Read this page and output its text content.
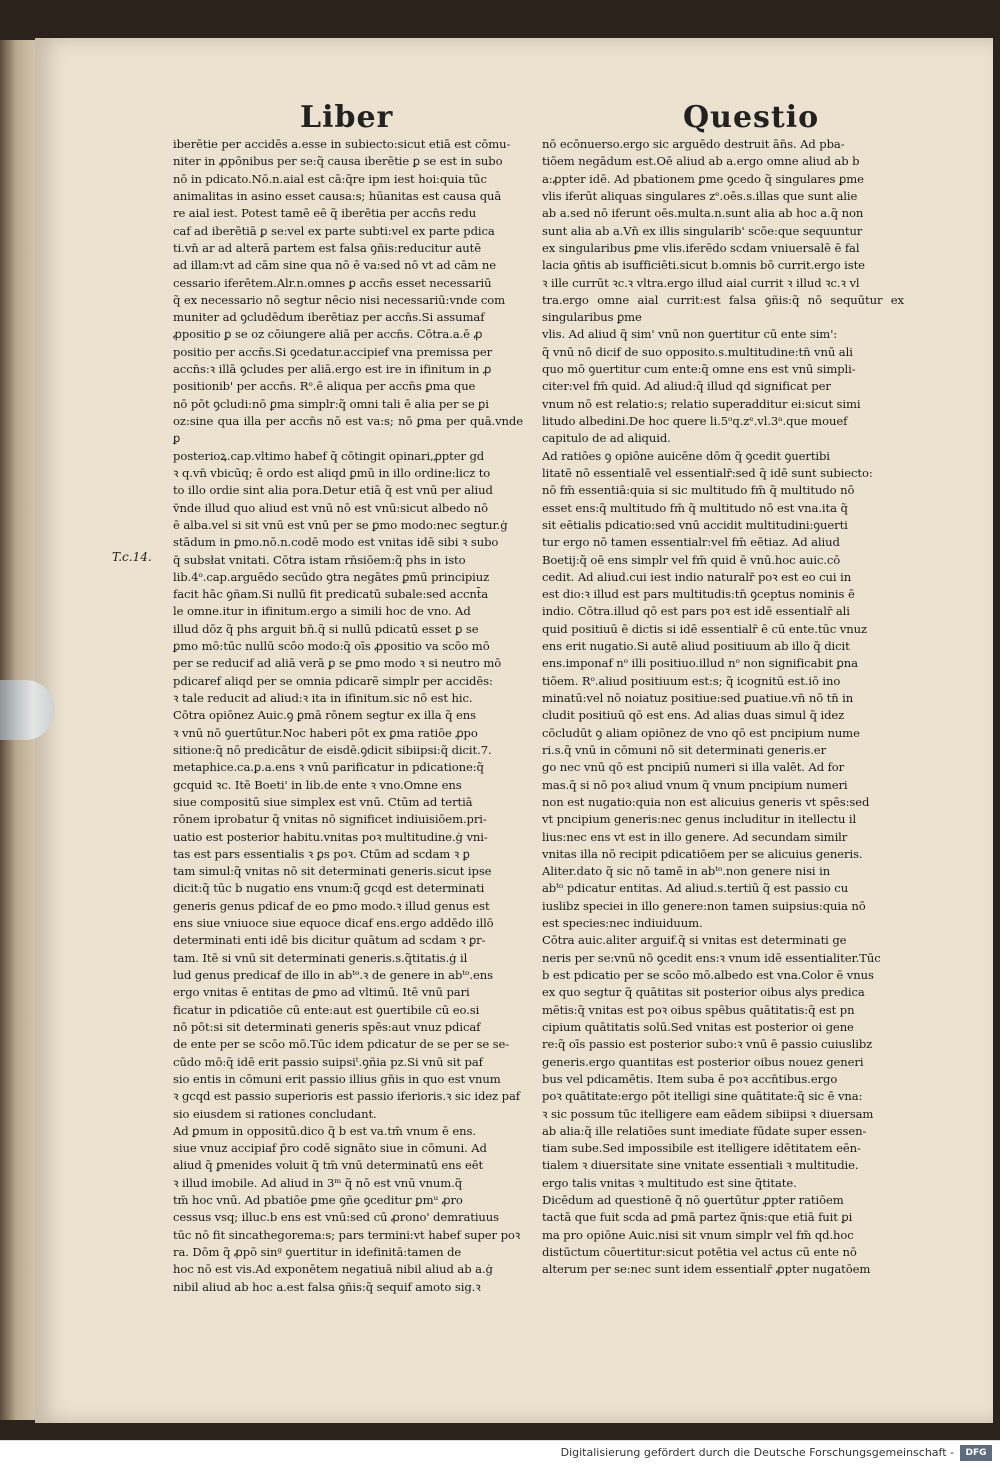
Liber	Questio
iberētie per accidēs a.esse in subiecto:sicut etiā est cōmu-
niter in ꝓpōnibus per se:q̃ causa iberētie ꝑ se est in subo
nō in pdicato.Nō.n.aial est cā:q̃re ipm iest hoi:quia tūc
animalitas in asino esset causa:s; hūanitas est causa quā
re aial iest. Potest tamē eē q̃ iberētia per accn̄s redu
caf ad iberētiā ꝑ se:vel ex parte subti:vel ex parte pdica
ti.vn̄ ar ad alterā partem est falsa ꝯñis:reducitur autē
ad illam:vt ad cām sine qua nō ē va:sed nō vt ad cām ne
cessario iferētem.Alr.n.omnes ꝑ accn̄s esset necessariū
q̃ ex necessario nō segtur nēcio nisi necessariū:vnde com
muniter ad ꝯcludēdum iberētiaz per accn̄s.Si assumaf
ꝓpositio ꝑ se oz cōiungere aliā per accn̄s. Cōtra.a.ē ꝓ
positio per accn̄s.Si ꝯcedatur.accipief vna premissa per
accn̄s:ꝛ illā ꝯcludes per aliā.ergo est ire in ifinitum in ꝓ
positionib' per accn̄s. Rᵒ.ē aliqua per accn̄s ꝑma que
nō pōt ꝯcludi:nō ꝑma simplr:q̃ omni tali ē alia per se ꝑi
oz:sine qua illa per accn̄s nō est va:s; nō ꝑma per quā.vnde ꝑ
posterioꝝ.cap.vltimo habef q̃ cōtingit opinari,ꝓpter gd
ꝛ q.vn̄ vbicūq; ē ordo est aliqd ꝑmū in illo ordine:licz to
to illo ordie sint alia pora.Detur etiā q̃ est vnū per aliud
v̄nde illud quo aliud est vnū nō est vnū:sicut albedo nō
ē alba.vel si sit vnū est vnū per se ꝑmo modo:nec segtur.ġ
stādum in ꝑmo.nō.n.codē modo est vnitas idē sibi ꝛ subo
q̄ subsłat vnitati. Cōtra istam rn̄siōem:q̃ phs in isto
lib.4ᵒ.cap.arguēdo secūdo ꝯtra negātes ꝑmū principiuz
facit hāc ꝯñam.Si nullū fit predicatū subale:sed accnt̄a
le omne.itur in ifinitum.ergo a simili hoc de vno. Ad
illud dōz q̃ phs arguit bn̄.q̃ si nullū pdicatū esset ꝑ se
ꝑmo mō:tūc nullū scōo modo:q̃ oīs ꝓpositio va scōo mō
per se reducif ad aliā verā ꝑ se ꝑmo modo ꝛ si neutro mō
pdicaref aliqd per se omnia pdicarẽ simplr per accidēs:
ꝛ tale reducit ad aliud:ꝛ ita in ifinitum.sic nō est hic.
Cōtra opiōnez Auic.ꝯ ꝑmā rōnem segtur ex illa q̃ ens
ꝛ vnū nō ꝯuertūtur.Noc haberi pōt ex ꝑma ratiōe ꝓpo
sitione:q̃ nō predicātur de eisdē.ꝯdicit sibiipsi:q̃ dicit.7.
metaphice.ca.ꝑ.a.ens ꝛ vnū parificatur in pdicatione:q̃
gcquid ꝛc. Itē Boeti' in lib.de ente ꝛ vno.Omne ens
siue compositū siue simplex est vnū. Ctūm ad tertiā
rōnem iprobatur q̃ vnitas nō significet indiuisiōem.pri-
uatio est posterior habitu.vnitas poꝛ multitudine.ġ vni-
tas est pars essentialis ꝛ ꝑs poꝛ. Ctūm ad scdam ꝛ ꝑ
tam simul:q̃ vnitas nō sit determinati generis.sicut ipse
dicit:q̃ tūc b nugatio ens vnum:q̃ gcqd est determinati
generis genus pdicaf de eo ꝑmo modo.ꝛ illud genus est
ens siue vniuoce siue equoce dicaf ens.ergo addēdo illō
determinati enti idē bis dicitur quātum ad scdam ꝛ ꝑr-
tam. Itē si vnū sit determinati generis.s.q̃titatis.ġ il
lud genus predicaf de illo in abᵗᵒ.ꝛ de genere in abᵗᵒ.ens
ergo vnitas ē entitas de ꝑmo ad vltimū. Itē vnū pari
ficatur in pdicatiōe cū ente:aut est ꝯuertibile cū eo.si
nō pōt:si sit determinati generis spēs:aut vnuz pdicaf
de ente per se scōo mō.Tūc idem pdicatur de se per se se-
cūdo mō:q̃ idē erit passio suipsiᵗ.ꝯñia pz.Si vnū sit paf
sio entis in cōmuni erit passio illius gn̄is in quo est vnum
ꝛ gcqd est passio superioris est passio iferioris.ꝛ sic idez paf
sio eiusdem si rationes concludant.
Ad ꝑmum in oppositū.dico q̃ b est va.tm̄ vnum ē ens.
siue vnuz accipiaf p̄ro codē signāto siue in cōmuni. Ad
aliud q̃ ꝑmenides voluit q̃ tm̄ vnū determinatū ens eēt
ꝛ illud imobile. Ad aliud in 3ᵐ q̃ nō est vnū vnum.q̃
tm̄ hoc vnū. Ad pbatiōe ꝑme ꝯñe ꝯceditur ꝑmᵘ ꝓro
cessus vsq; illuc.b ens est vnū:sed cū ꝓrono' demratiuus
tūc nō fit sincathegorema:s; pars termini:vt habef super poꝛ
ra. Dōm q̃ ꝓpō sinᵍ ꝯuertitur in idefinitā:tamen de
hoc nō est vis.Ad exponētem negatiuā nibil aliud ab a.ġ
nibil aliud ab hoc a.est falsa ꝯñis:q̃ sequif amoto sig.ꝛ
nō ecōnuerso.ergo sic arguēdo destruit ān̄s. Ad pba-
tiōem negādum est.Oē aliud ab a.ergo omne aliud ab b
a:ꝓpter idē. Ad pbationem ꝑme ꝯcedo q̃ singulares ꝑme
vlis iferūt aliquas singulares zᵉ.oēs.s.illas que sunt alie
ab a.sed nō iferunt oēs.multa.n.sunt alia ab hoc a.q̃ non
sunt alia ab a.Vn̄ ex illis singularib' scōe:que sequuntur
ex singularibus ꝑme vlis.iferēdo scdam vniuersalē ē fal
lacia ꝯñtis ab isufficiēti.sicut b.omnis bō currit.ergo iste
ꝛ ille currūt ꝛc.ꝛ vltra.ergo illud aial currit ꝛ illud ꝛc.ꝛ vl
tra.ergo omne aial currit:est falsa ꝯñis:q̃ nō sequūtur ex singularibus ꝑme
vlis. Ad aliud q̃ sim' vnū non ꝯuertitur cū ente sim':
q̃ vnū nō dicif de suo opposito.s.multitudine:tn̄ vnū ali
quo mō ꝯuertitur cum ente:q̃ omne ens est vnū simpli-
citer:vel fm̄ quid. Ad aliud:q̃ illud qd significat per
vnum nō est relatio:s; relatio superadditur ei:sicut simi
litudo albedini.De hoc quere li.5ᵒq.zᵉ.vl.3ᵃ.que mouef
capitulo de ad aliquid.
Ad ratiōes ꝯ opiōne auicēne dōm q̃ ꝯcedit ꝯuertibi
litatē nō essentialē vel essentialr̄:sed q̃ idē sunt subiecto:
nō fm̄ essentiā:quia si sic multitudo fm̄ q̃ multitudo nō
esset ens:q̃ multitudo fm̄ q̃ multitudo nō est vna.ita q̃
sit eētialis pdicatio:sed vnū accidit multitudini:ꝯuerti
tur ergo nō tamen essentialr:vel fm̄ eētiaz. Ad aliud
Boetij:q̃ oē ens simplr vel fm̄ quid ē vnū.hoc auic.cō
cedit. Ad aliud.cui iest indio naturalr̄ poꝛ est eo cui in
est dio:ꝛ illud est pars multitudis:tn̄ ꝯceptus nominis ē
indio. Cōtra.illud qō est pars poꝛ est idē essentialr̄ ali
quid positiuū ē dictis si idē essentialr̄ ē cū ente.tūc vnuz
ens erit nugatio.Si autē aliud positiuum ab illo q̃ dicit
ens.imponaf nᵒ illi positiuo.illud nᵒ non significabit ꝑna
tiōem. Rᵒ.aliud positiuum est:s; q̃ icognitū est.iō ino
minatū:vel nō noiatuz positiue:sed ꝑuatiue.vn̄ nō tn̄ in
cludit positiuū qō est ens. Ad alias duas simul q̃ idez
cōcludūt ꝯ aliam opiōnez de vno qō est pncipium nume
ri.s.q̃ vnū in cōmuni nō sit determinati generis.er
go nec vnū qō est pncipiū numeri si illa valēt. Ad for
mas.q̃ si nō poꝛ aliud vnum q̃ vnum pncipium numeri
non est nugatio:quia non est alicuius generis vt spēs:sed
vt pncipium generis:nec genus includitur in itellectu il
lius:nec ens vt est in illo genere. Ad secundam similr
vnitas illa nō recipit pdicatiōem per se alicuius generis.
Aliter.dato q̃ sic nō tamē in abᵗᵒ.non genere nisi in
abᵗᵒ pdicatur entitas. Ad aliud.s.tertiū q̃ est passio cu
iuslibz speciei in illo genere:non tamen suipsius:quia nō
est species:nec indiuiduum.
Cōtra auic.aliter arguif.q̃ si vnitas est determinati ge
neris per se:vnū nō ꝯcedit ens:ꝛ vnum idē essentialiter.Tūc
b est pdicatio per se scōo mō.albedo est vna.Color ē vnus
ex quo segtur q̃ quātitas sit posterior oibus alys predica
mētis:q̃ vnitas est poꝛ oibus spēbus quātitatis:q̃ est pn
cipium quātitatis solū.Sed vnitas est posterior oi gene
re:q̃ oīs passio est posterior subo:ꝛ vnū ē passio cuiuslibz
generis.ergo quantitas est posterior oibus nouez generi
bus vel pdicamētis. Item suba ē poꝛ accn̄tibus.ergo
poꝛ quātitate:ergo pōt itelligi sine quātitate:q̃ sic ē vna:
ꝛ sic possum tūc itelligere eam eādem sibiipsi ꝛ diuersam
ab alia:q̃ ille relatiōes sunt imediate fūdate super essen-
tiam sube.Sed impossibile est itelligere idētitatem eēn-
tialem ꝛ diuersitate sine vnitate essentiali ꝛ multitudie.
ergo talis vnitas ꝛ multitudo est sine q̃titate.
Dicēdum ad questionē q̃ nō ꝯuertūtur ꝓpter ratiōem
tactā que fuit scda ad ꝑmā partez q̃nis:que etiā fuit ꝑi
ma pro opiōne Auic.nisi sit vnum simplr vel fm̄ qd.hoc
distūctum cōuertitur:sicut potētia vel actus cū ente nō
alterum per se:nec sunt idem essentialr̄ ꝓpter nugatōem
T.c.14.
Digitalisierung gefördert durch die Deutsche Forschungsgemeinschaft -	DFG
